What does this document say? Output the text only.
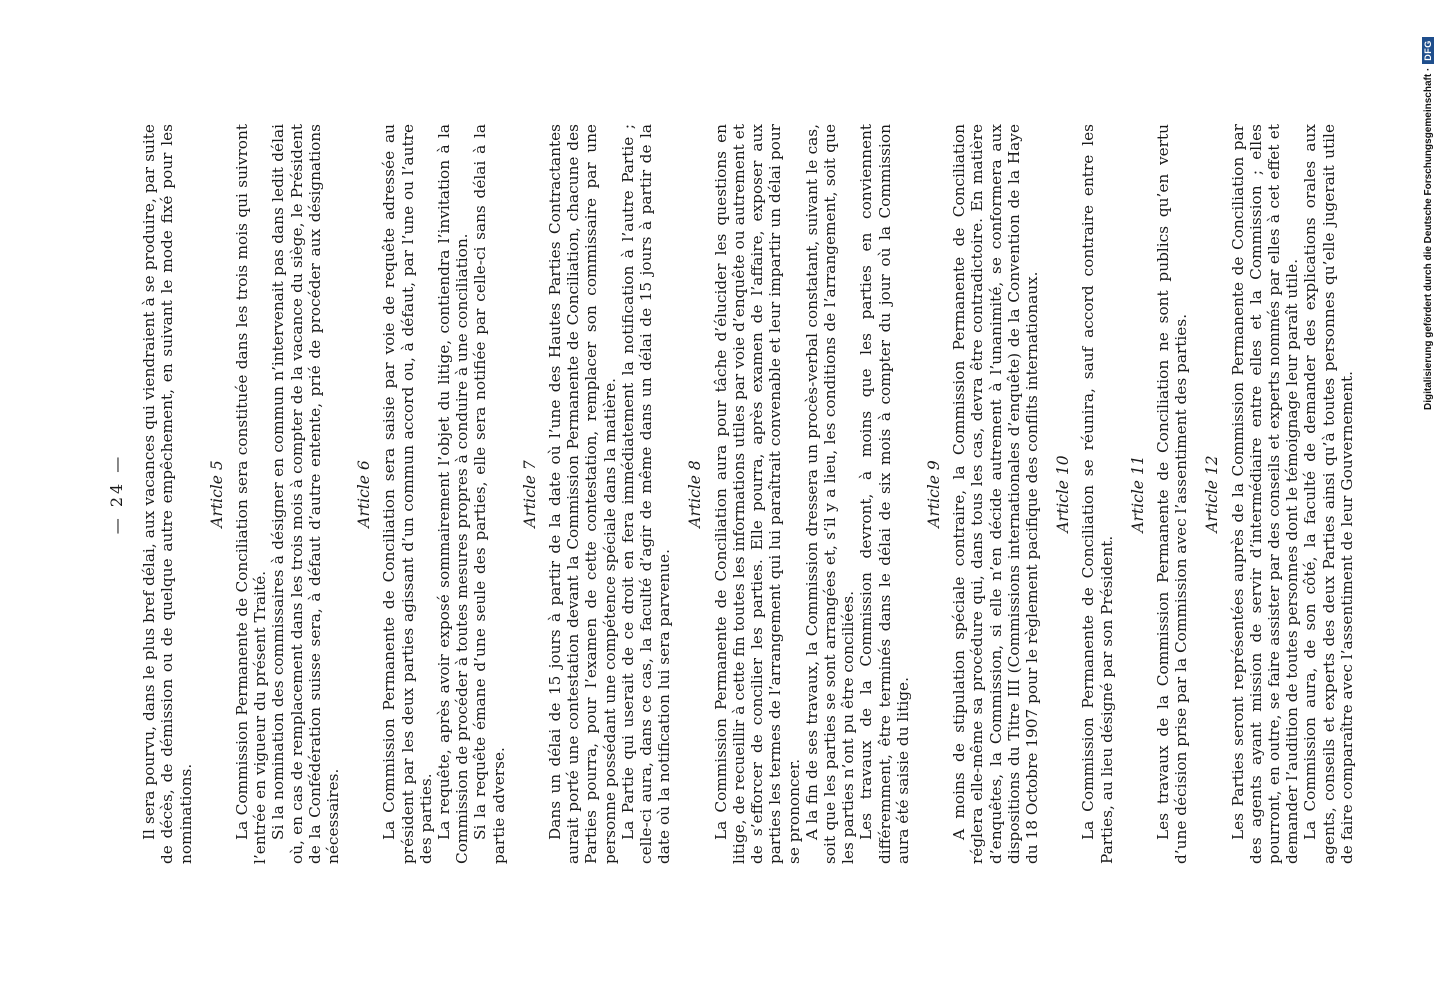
— 24 — Il sera pourvu, dans le plus bref délai, aux vacances qui viendraient à se produire, par suite de décès, de démission ou de quelque autre empêchement, en suivant le mode fixé pour les nominations.

Article 5 La Commission Permanente de Conciliation sera constituée dans les trois mois qui suivront l’entrée en vigueur du présent Traité. Si la nomination des commissaires à désigner en commun n’intervenait pas dans ledit délai où, en cas de remplacement dans les trois mois à compter de la vacance du siège, le Président de la Confédération suisse sera, à défaut d’autre entente, prié de procéder aux désignations nécessaires.

Article 6 La Commission Permanente de Conciliation sera saisie par voie de requête adressée au président par les deux parties agissant d’un commun accord ou, à défaut, par l’une ou l’autre des parties. La requête, après avoir exposé sommairement l’objet du litige, contiendra l’invitation à la Commission de procéder à toutes mesures propres à conduire à une conciliation. Si la requête émane d’une seule des parties, elle sera notifiée par celle-ci sans délai à la partie adverse.

Article 7 Dans un délai de 15 jours à partir de la date où l’une des Hautes Parties Contractantes aurait porté une contestation devant la Commission Permanente de Conciliation, chacune des Parties pourra, pour l’examen de cette contestation, remplacer son commissaire par une personne possédant une compétence spéciale dans la matière. La Partie qui userait de ce droit en fera immédiatement la notification à l’autre Partie ; celle-ci aura, dans ce cas, la faculté d’agir de même dans un délai de 15 jours à partir de la date où la notification lui sera parvenue.

Article 8 La Commission Permanente de Conciliation aura pour tâche d’élucider les questions en litige, de recueillir à cette fin toutes les informations utiles par voie d’enquête ou autrement et de s’efforcer de concilier les parties. Elle pourra, après examen de l’affaire, exposer aux parties les termes de l’arrangement qui lui paraîtrait convenable et leur impartir un délai pour se prononcer. A la fin de ses travaux, la Commission dressera un procès-verbal constatant, suivant le cas, soit que les parties se sont arrangées et, s’il y a lieu, les conditions de l’arrangement, soit que les parties n’ont pu être conciliées. Les travaux de la Commission devront, à moins que les parties en conviennent différemment, être terminés dans le délai de six mois à compter du jour où la Commission aura été saisie du litige.

Article 9 A moins de stipulation spéciale contraire, la Commission Permanente de Conciliation réglera elle-même sa procédure qui, dans tous les cas, devra être contradictoire. En matière d’enquêtes, la Commission, si elle n’en décide autrement à l’unanimité, se conformera aux dispositions du Titre III (Commissions internationales d’enquête) de la Convention de la Haye du 18 Octobre 1907 pour le règlement pacifique des conflits internationaux. Article 10 La Commission Permanente de Conciliation se réunira, sauf accord contraire entre les Parties, au lieu désigné par son Président.

Article 11 Les travaux de la Commission Permanente de Conciliation ne sont publics qu’en vertu d’une décision prise par la Commission avec l’assentiment des parties. Article 12 Les Parties seront représentées auprès de la Commission Permanente de Conciliation par des agents ayant mission de servir d’intermédiaire entre elles et la Commission ; elles pourront, en outre, se faire assister par des conseils et experts nommés par elles à cet effet et demander l’audition de toutes personnes dont le témoignage leur paraît utile. La Commission aura, de son côté, la faculté de demander des explications orales aux agents, conseils et experts des deux Parties ainsi qu’à toutes personnes qu’elle jugerait utile de faire comparaître avec l’assentiment de leur Gouvernement.

Digitalisierung gefördert durch die Deutsche Forschungsgemeinschaft ·DFG
